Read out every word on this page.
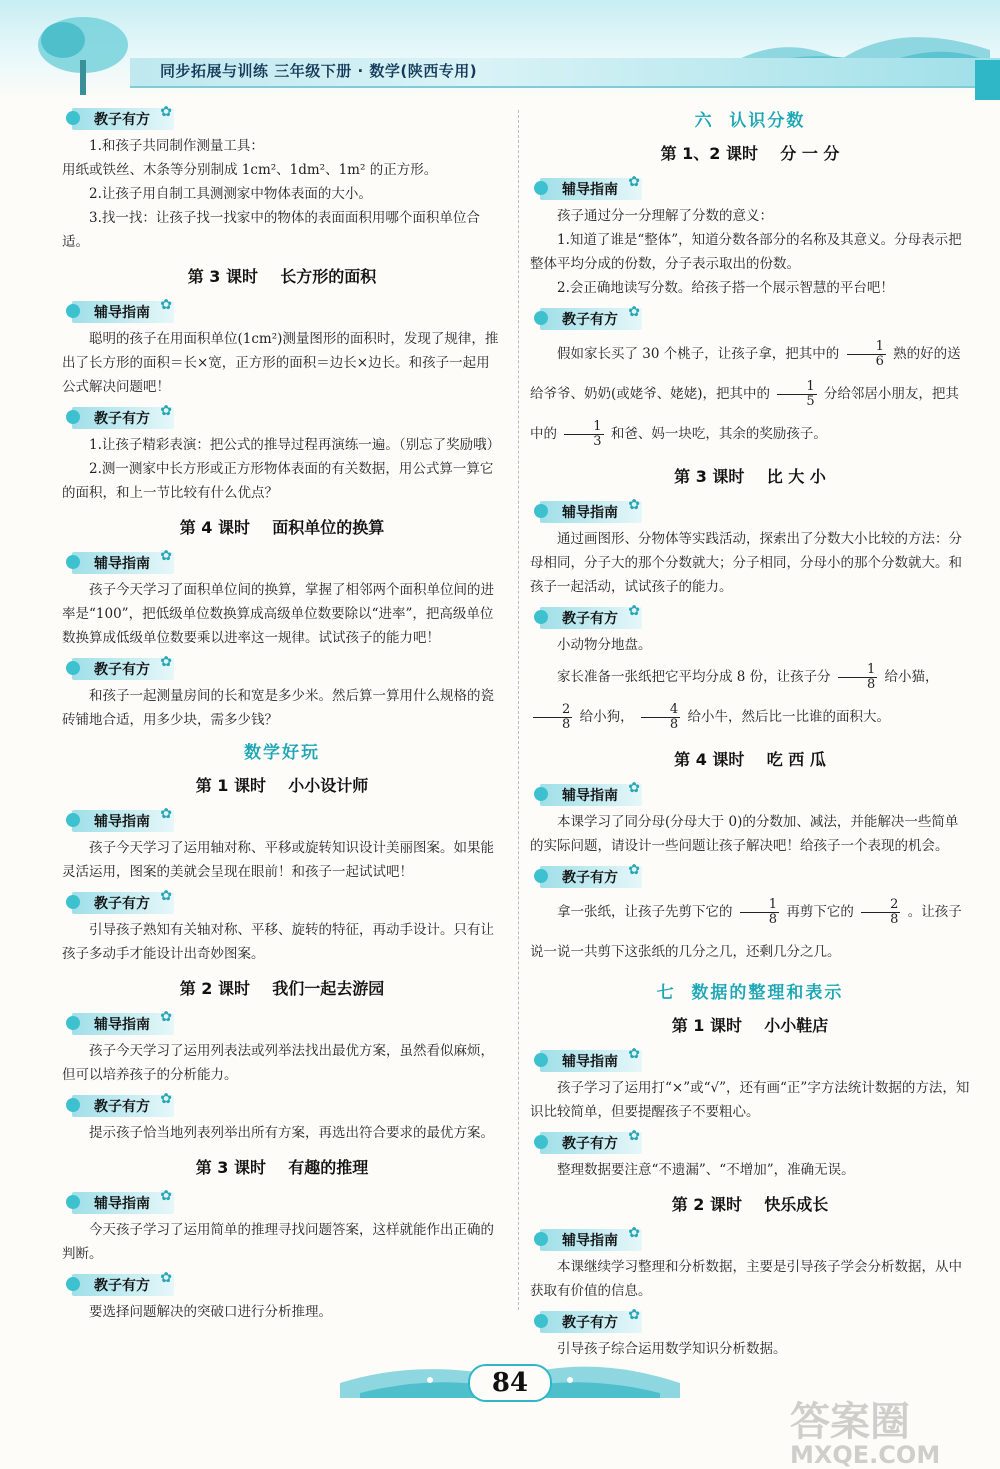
同步拓展与训练 三年级下册 · 数学(陕西专用)
教子有方 ✿

1.和孩子共同制作测量工具：

用纸或铁丝、木条等分别制成 1cm²、1dm²、1m² 的正方形。

2.让孩子用自制工具测测家中物体表面的大小。

3.找一找：让孩子找一找家中的物体的表面面积用哪个面积单位合适。

第 3 课时    长方形的面积
辅导指南 ✿

聪明的孩子在用面积单位(1cm²)测量图形的面积时，发现了规律，推出了长方形的面积＝长×宽，正方形的面积＝边长×边长。和孩子一起用公式解决问题吧！

教子有方 ✿

1.让孩子精彩表演：把公式的推导过程再演练一遍。（别忘了奖励哦）

2.测一测家中长方形或正方形物体表面的有关数据，用公式算一算它的面积，和上一节比较有什么优点？

第 4 课时    面积单位的换算
辅导指南 ✿

孩子今天学习了面积单位间的换算，掌握了相邻两个面积单位间的进率是“100”，把低级单位数换算成高级单位数要除以“进率”，把高级单位数换算成低级单位数要乘以进率这一规律。试试孩子的能力吧！

教子有方 ✿

和孩子一起测量房间的长和宽是多少米。然后算一算用什么规格的瓷砖铺地合适，用多少块，需多少钱？

数学好玩
第 1 课时    小小设计师
辅导指南 ✿

孩子今天学习了运用轴对称、平移或旋转知识设计美丽图案。如果能灵活运用，图案的美就会呈现在眼前！和孩子一起试试吧！

教子有方 ✿

引导孩子熟知有关轴对称、平移、旋转的特征，再动手设计。只有让孩子多动手才能设计出奇妙图案。

第 2 课时    我们一起去游园
辅导指南 ✿

孩子今天学习了运用列表法或列举法找出最优方案，虽然看似麻烦，但可以培养孩子的分析能力。

教子有方 ✿

提示孩子恰当地列表列举出所有方案，再选出符合要求的最优方案。

第 3 课时    有趣的推理
辅导指南 ✿

今天孩子学习了运用简单的推理寻找问题答案，这样就能作出正确的判断。

教子有方 ✿

要选择问题解决的突破口进行分析推理。

六  认识分数
第 1、2 课时    分 一 分
辅导指南 ✿

孩子通过分一分理解了分数的意义：

1.知道了谁是“整体”，知道分数各部分的名称及其意义。分母表示把整体平均分成的份数，分子表示取出的份数。

2.会正确地读写分数。给孩子搭一个展示智慧的平台吧！

教子有方 ✿

假如家长买了 30 个桃子，让孩子拿，把其中的 $\frac{1}{6}$ 熟的好的送给爷爷、奶奶(或姥爷、姥姥)，把其中的 $\frac{1}{5}$ 分给邻居小朋友，把其中的 $\frac{1}{3}$ 和爸、妈一块吃，其余的奖励孩子。

第 3 课时    比 大 小
辅导指南 ✿

通过画图形、分物体等实践活动，探索出了分数大小比较的方法：分母相同，分子大的那个分数就大；分子相同，分母小的那个分数就大。和孩子一起活动，试试孩子的能力。

教子有方 ✿

小动物分地盘。

家长准备一张纸把它平均分成 8 份，让孩子分 $\frac{1}{8}$ 给小猫，
$\frac{2}{8}$ 给小狗， $\frac{4}{8}$ 给小牛，然后比一比谁的面积大。

第 4 课时    吃 西 瓜
辅导指南 ✿

本课学习了同分母(分母大于 0)的分数加、减法，并能解决一些简单的实际问题，请设计一些问题让孩子解决吧！给孩子一个表现的机会。

教子有方 ✿

拿一张纸，让孩子先剪下它的 $\frac{1}{8}$ 再剪下它的 $\frac{2}{8}$ 。让孩子说一说一共剪下这张纸的几分之几，还剩几分之几。

七  数据的整理和表示
第 1 课时    小小鞋店
辅导指南 ✿

孩子学习了运用打“×”或“√”，还有画“正”字方法统计数据的方法，知识比较简单，但要提醒孩子不要粗心。

教子有方 ✿

整理数据要注意“不遗漏”、“不增加”，准确无误。

第 2 课时    快乐成长
辅导指南 ✿

本课继续学习整理和分析数据，主要是引导孩子学会分析数据，从中获取有价值的信息。

教子有方 ✿

引导孩子综合运用数学知识分析数据。

84
答案圈
MXQE.COM
